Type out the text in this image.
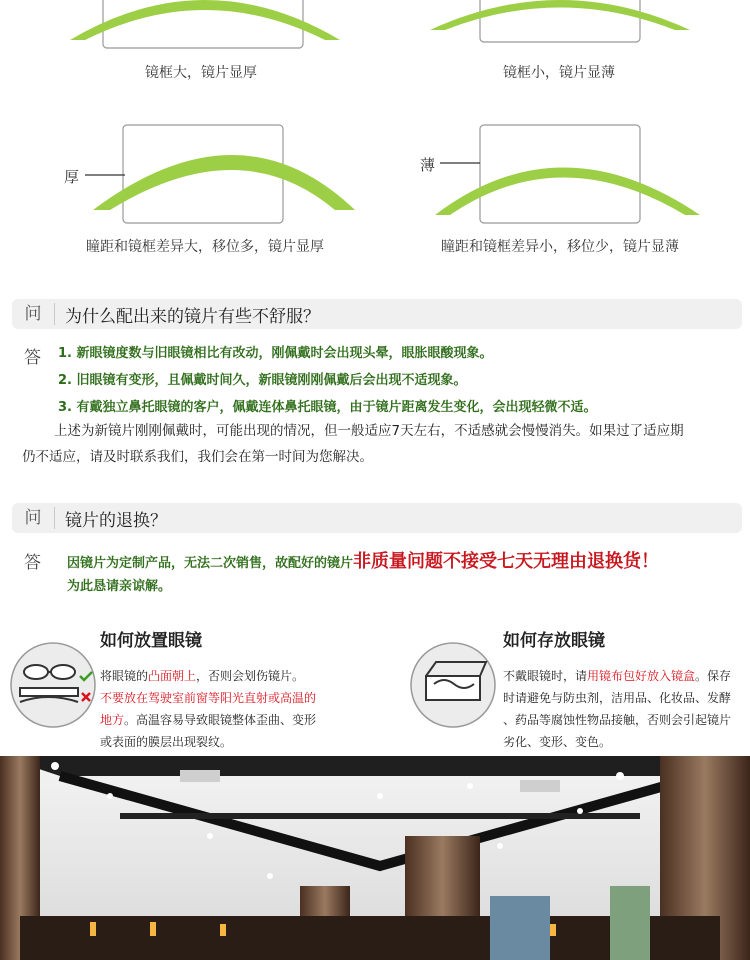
镜框大，镜片显厚	镜框小，镜片显薄
厚
瞳距和镜框差异大，移位多，镜片显厚
薄
瞳距和镜框差异小，移位少，镜片显薄
问	为什么配出来的镜片有些不舒服？
答 1. 新眼镜度数与旧眼镜相比有改动，刚佩戴时会出现头晕，眼胀眼酸现象。
2. 旧眼镜有变形，且佩戴时间久，新眼镜刚刚佩戴后会出现不适现象。
3. 有戴独立鼻托眼镜的客户，佩戴连体鼻托眼镜，由于镜片距离发生变化，会出现轻微不适。
上述为新镜片刚刚佩戴时，可能出现的情况，但一般适应7天左右，不适感就会慢慢消失。如果过了适应期
仍不适应，请及时联系我们，我们会在第一时间为您解决。
问	镜片的退换？
答 因镜片为定制产品，无法二次销售，故配好的镜片非质量问题不接受七天无理由退换货！
为此恳请亲谅解。
如何放置眼镜
将眼镜的凸面朝上，否则会划伤镜片。
不要放在驾驶室前窗等阳光直射或高温的
地方。高温容易导致眼镜整体歪曲、变形
或表面的膜层出现裂纹。
如何存放眼镜
不戴眼镜时，请用镜布包好放入镜盒。保存
时请避免与防虫剂，洁用品、化妆品、发酵
、药品等腐蚀性物品接触，否则会引起镜片
劣化、变形、变色。
